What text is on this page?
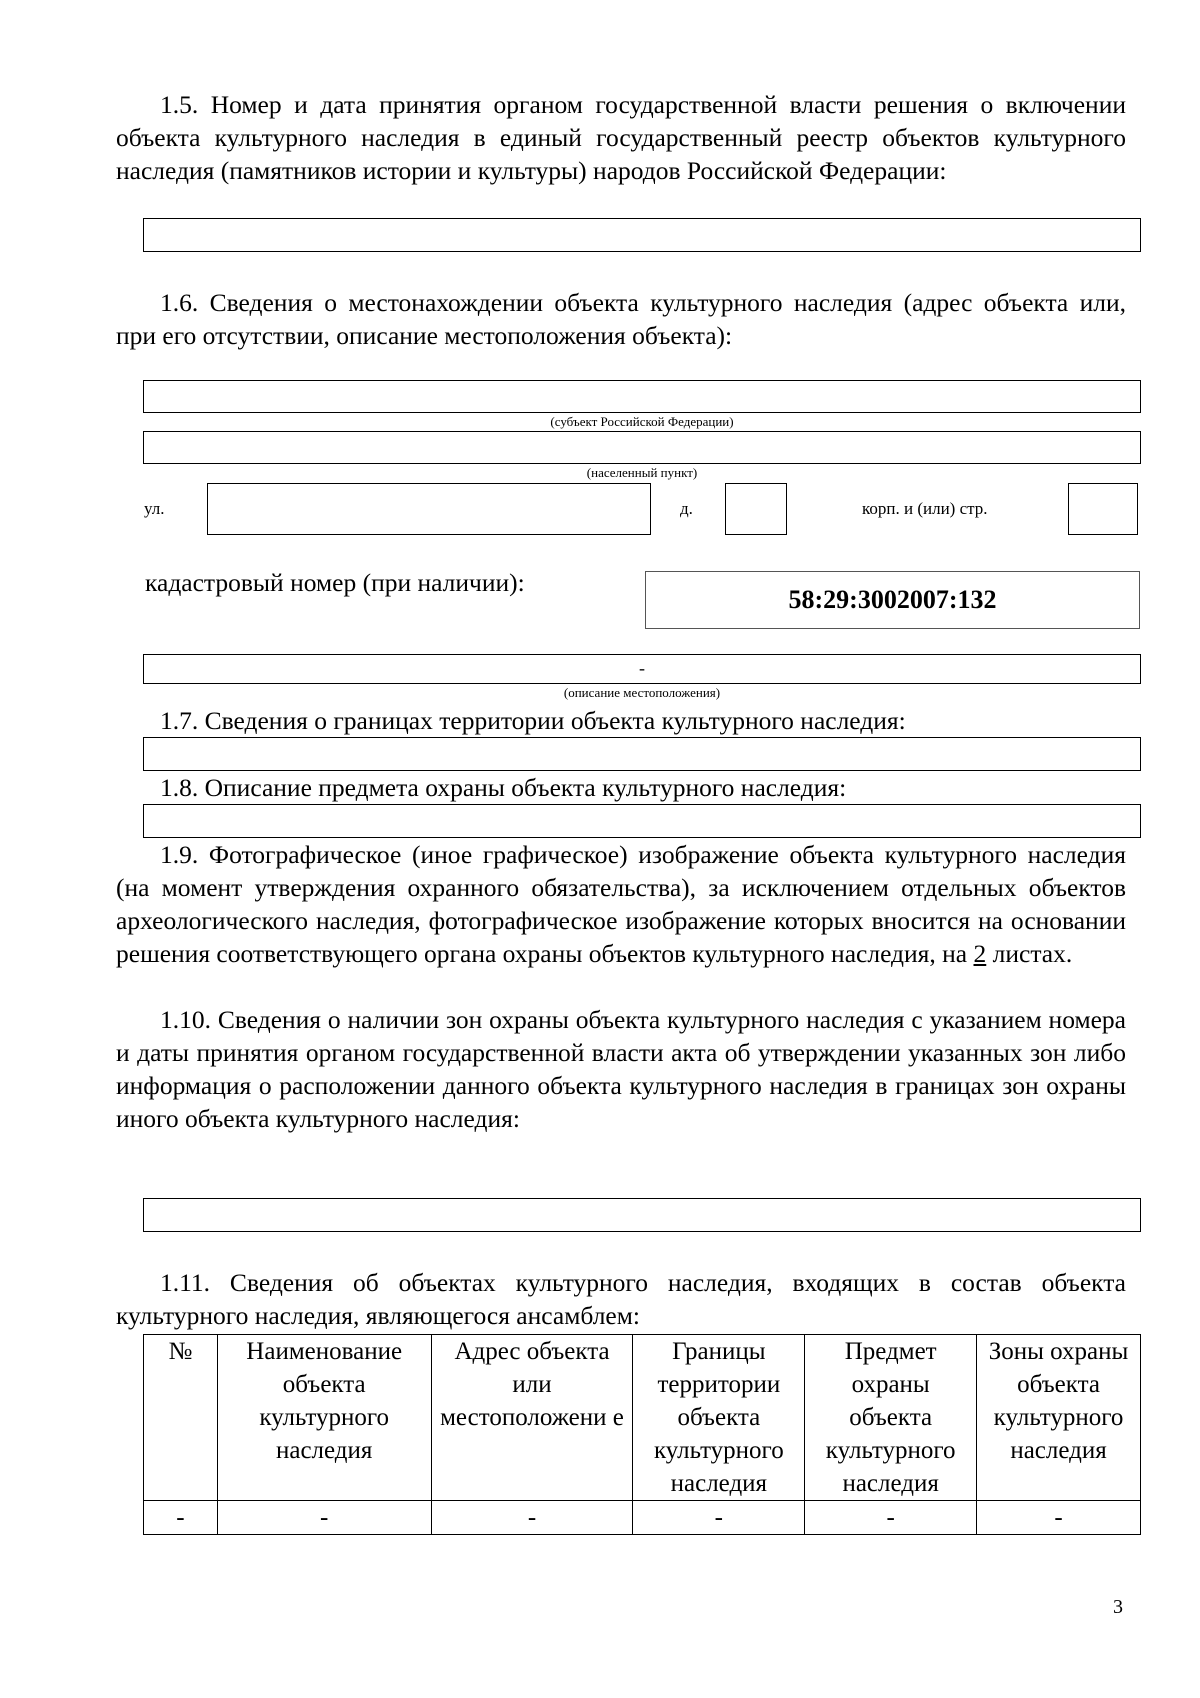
1.5. Номер и дата принятия органом государственной власти решения о включении объекта культурного наследия в единый государственный реестр объектов культурного наследия (памятников истории и культуры) народов Российской Федерации:
1.6. Сведения о местонахождении объекта культурного наследия (адрес объекта или, при его отсутствии, описание местоположения объекта):
(субъект Российской Федерации)
(населенный пункт)
ул.	д.	корп. и (или) стр.
кадастровый номер (при наличии):
58:29:3002007:132
-
(описание местоположения)
1.7. Сведения о границах территории объекта культурного наследия:
1.8. Описание предмета охраны объекта культурного наследия:
1.9. Фотографическое (иное графическое) изображение объекта культурного наследия (на момент утверждения охранного обязательства), за исключением отдельных объектов археологического наследия, фотографическое изображение которых вносится на основании решения соответствующего органа охраны объектов культурного наследия, на 2 листах.
1.10. Сведения о наличии зон охраны объекта культурного наследия с указанием номера и даты принятия органом государственной власти акта об утверждении указанных зон либо информация о расположении данного объекта культурного наследия в границах зон охраны иного объекта культурного наследия:
1.11. Сведения об объектах культурного наследия, входящих в состав объекта культурного наследия, являющегося ансамблем:
№	Наименование объекта культурного наследия	Адрес объекта или местоположени е	Границы территории объекта культурного наследия	Предмет охраны объекта культурного наследия	Зоны охраны объекта культурного наследия
-	-	-	-	-	-
3
